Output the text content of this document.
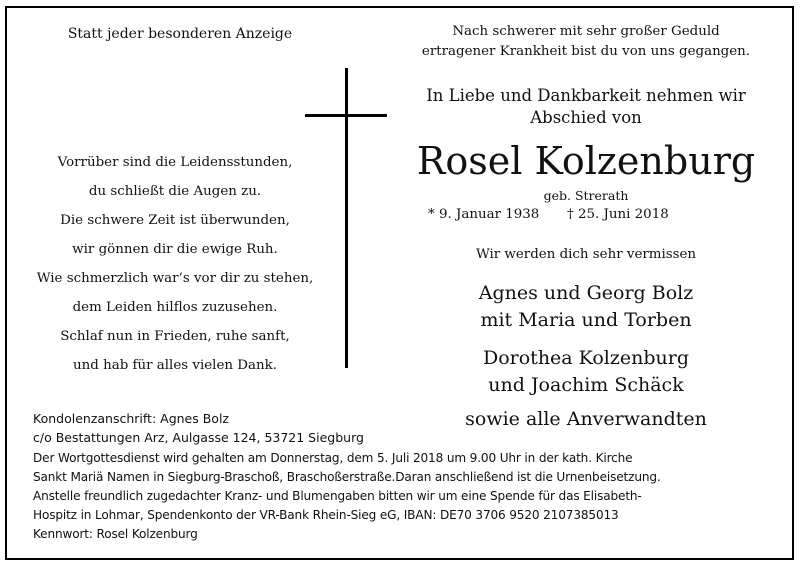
Statt jeder besonderen Anzeige	Nach schwerer mit sehr großer Geduld
ertragener Krankheit bist du von uns gegangen.
In Liebe und Dankbarkeit nehmen wir
Abschied von
Vorrüber sind die Leidensstunden,
du schließt die Augen zu.
Die schwere Zeit ist überwunden,
wir gönnen dir die ewige Ruh.
Wie schmerzlich war‘s vor dir zu stehen,
dem Leiden hilflos zuzusehen.
Schlaf nun in Frieden, ruhe sanft,
und hab für alles vielen Dank.
Rosel Kolzenburg
geb. Strerath
* 9. Januar 1938 † 25. Juni 2018
Wir werden dich sehr vermissen
Agnes und Georg Bolz
mit Maria und Torben
Dorothea Kolzenburg
und Joachim Schäck
sowie alle Anverwandten
Kondolenzanschrift: Agnes Bolz
c/o Bestattungen Arz, Aulgasse 124, 53721 Siegburg
Der Wortgottesdienst wird gehalten am Donnerstag, dem 5. Juli 2018 um 9.00 Uhr in der kath. Kirche
Sankt Mariä Namen in Siegburg-Braschoß, Braschoßerstraße.Daran anschließend ist die Urnenbeisetzung.
Anstelle freundlich zugedachter Kranz- und Blumengaben bitten wir um eine Spende für das Elisabeth-
Hospitz in Lohmar, Spendenkonto der VR-Bank Rhein-Sieg eG, IBAN: DE70 3706 9520 2107385013
Kennwort: Rosel Kolzenburg
